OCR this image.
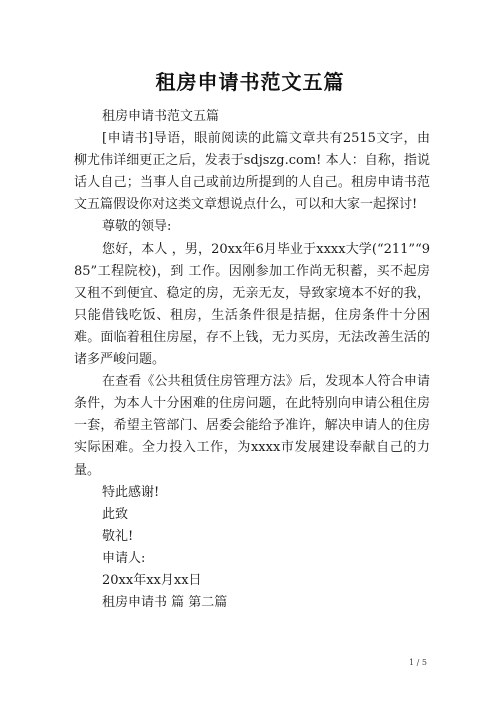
租房申请书范文五篇

租房申请书范文五篇

[申请书]导语，眼前阅读的此篇文章共有2515文字，由柳尤伟详细更正之后，发表于sdjszg.com! 本人：自称，指说话人自己；当事人自己或前边所提到的人自己。租房申请书范文五篇假设你对这类文章想说点什么，可以和大家一起探讨!

尊敬的领导:

您好，本人 ，男，20xx年6月毕业于xxxx大学(“211”“985”工程院校)，到 工作。因刚参加工作尚无积蓄，买不起房又租不到便宜、稳定的房，无亲无友，导致家境本不好的我，只能借钱吃饭、租房，生活条件很是拮据，住房条件十分困难。面临着租住房屋，存不上钱，无力买房，无法改善生活的诸多严峻问题。

在查看《公共租赁住房管理方法》后，发现本人符合申请条件，为本人十分困难的住房问题，在此特别向申请公租住房一套，希望主管部门、居委会能给予准许，解决申请人的住房实际困难。全力投入工作，为xxxx市发展建设奉献自己的力量。

特此感谢!

此致

敬礼!

申请人:

20xx年xx月xx日

租房申请书 篇 第二篇

1 / 5
